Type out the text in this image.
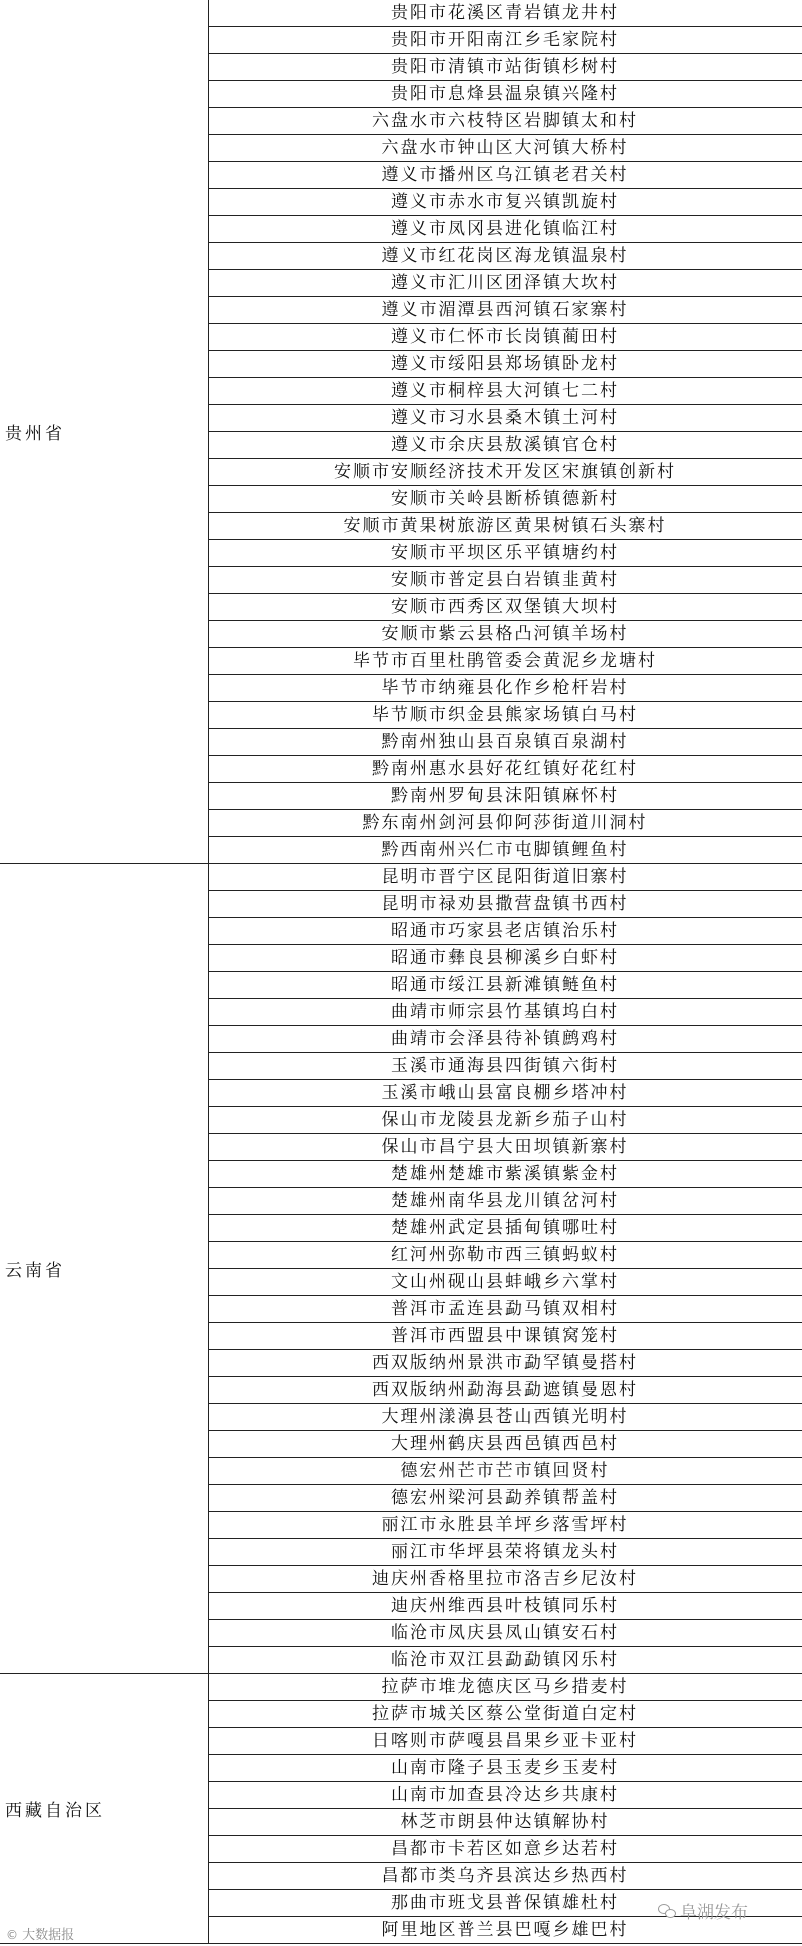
贵州省	贵阳市花溪区青岩镇龙井村
	贵阳市开阳南江乡毛家院村
	贵阳市清镇市站街镇杉树村
	贵阳市息烽县温泉镇兴隆村
	六盘水市六枝特区岩脚镇太和村
	六盘水市钟山区大河镇大桥村
	遵义市播州区乌江镇老君关村
	遵义市赤水市复兴镇凯旋村
	遵义市凤冈县进化镇临江村
	遵义市红花岗区海龙镇温泉村
	遵义市汇川区团泽镇大坎村
	遵义市湄潭县西河镇石家寨村
	遵义市仁怀市长岗镇蔺田村
	遵义市绥阳县郑场镇卧龙村
	遵义市桐梓县大河镇七二村
	遵义市习水县桑木镇土河村
	遵义市余庆县敖溪镇官仓村
	安顺市安顺经济技术开发区宋旗镇创新村
	安顺市关岭县断桥镇德新村
	安顺市黄果树旅游区黄果树镇石头寨村
	安顺市平坝区乐平镇塘约村
	安顺市普定县白岩镇韭黄村
	安顺市西秀区双堡镇大坝村
	安顺市紫云县格凸河镇羊场村
	毕节市百里杜鹃管委会黄泥乡龙塘村
	毕节市纳雍县化作乡枪杆岩村
	毕节顺市织金县熊家场镇白马村
	黔南州独山县百泉镇百泉湖村
	黔南州惠水县好花红镇好花红村
	黔南州罗甸县沫阳镇麻怀村
	黔东南州剑河县仰阿莎街道川洞村
	黔西南州兴仁市屯脚镇鲤鱼村
云南省	昆明市晋宁区昆阳街道旧寨村
	昆明市禄劝县撒营盘镇书西村
	昭通市巧家县老店镇治乐村
	昭通市彝良县柳溪乡白虾村
	昭通市绥江县新滩镇鲢鱼村
	曲靖市师宗县竹基镇坞白村
	曲靖市会泽县待补镇鹧鸡村
	玉溪市通海县四街镇六街村
	玉溪市峨山县富良棚乡塔冲村
	保山市龙陵县龙新乡茄子山村
	保山市昌宁县大田坝镇新寨村
	楚雄州楚雄市紫溪镇紫金村
	楚雄州南华县龙川镇岔河村
	楚雄州武定县插甸镇哪吐村
	红河州弥勒市西三镇蚂蚁村
	文山州砚山县蚌峨乡六掌村
	普洱市孟连县勐马镇双相村
	普洱市西盟县中课镇窝笼村
	西双版纳州景洪市勐罕镇曼搭村
	西双版纳州勐海县勐遮镇曼恩村
	大理州漾濞县苍山西镇光明村
	大理州鹤庆县西邑镇西邑村
	德宏州芒市芒市镇回贤村
	德宏州梁河县勐养镇帮盖村
	丽江市永胜县羊坪乡落雪坪村
	丽江市华坪县荣将镇龙头村
	迪庆州香格里拉市洛吉乡尼汝村
	迪庆州维西县叶枝镇同乐村
	临沧市凤庆县凤山镇安石村
	临沧市双江县勐勐镇冈乐村
西藏自治区	拉萨市堆龙德庆区马乡措麦村
	拉萨市城关区蔡公堂街道白定村
	日喀则市萨嘎县昌果乡亚卡亚村
	山南市隆子县玉麦乡玉麦村
	山南市加查县冷达乡共康村
	林芝市朗县仲达镇解协村
	昌都市卡若区如意乡达若村
	昌都市类乌齐县滨达乡热西村
	那曲市班戈县普保镇雄杜村
	阿里地区普兰县巴嘎乡雄巴村
© 大数据报
阜湖发布
